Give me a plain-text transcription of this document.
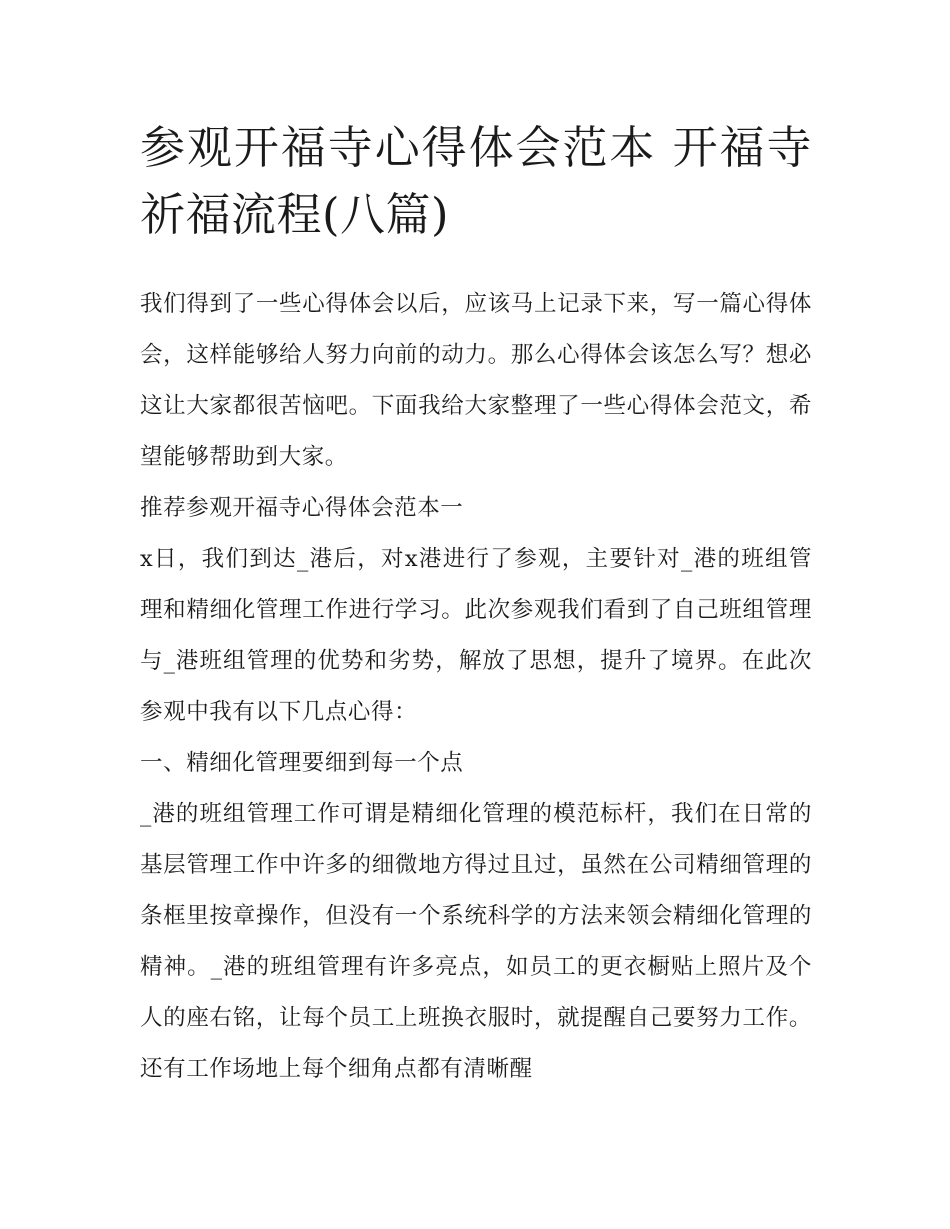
参观开福寺心得体会范本 开福寺祈福流程(八篇)

我们得到了一些心得体会以后，应该马上记录下来，写一篇心得体会，这样能够给人努力向前的动力。那么心得体会该怎么写？想必这让大家都很苦恼吧。下面我给大家整理了一些心得体会范文，希望能够帮助到大家。

推荐参观开福寺心得体会范本一

x日，我们到达_港后，对x港进行了参观，主要针对_港的班组管理和精细化管理工作进行学习。此次参观我们看到了自己班组管理与_港班组管理的优势和劣势，解放了思想，提升了境界。在此次参观中我有以下几点心得：

一、精细化管理要细到每一个点

_港的班组管理工作可谓是精细化管理的模范标杆，我们在日常的基层管理工作中许多的细微地方得过且过，虽然在公司精细管理的条框里按章操作，但没有一个系统科学的方法来领会精细化管理的精神。_港的班组管理有许多亮点，如员工的更衣橱贴上照片及个人的座右铭，让每个员工上班换衣服时，就提醒自己要努力工作。还有工作场地上每个细角点都有清晰醒
